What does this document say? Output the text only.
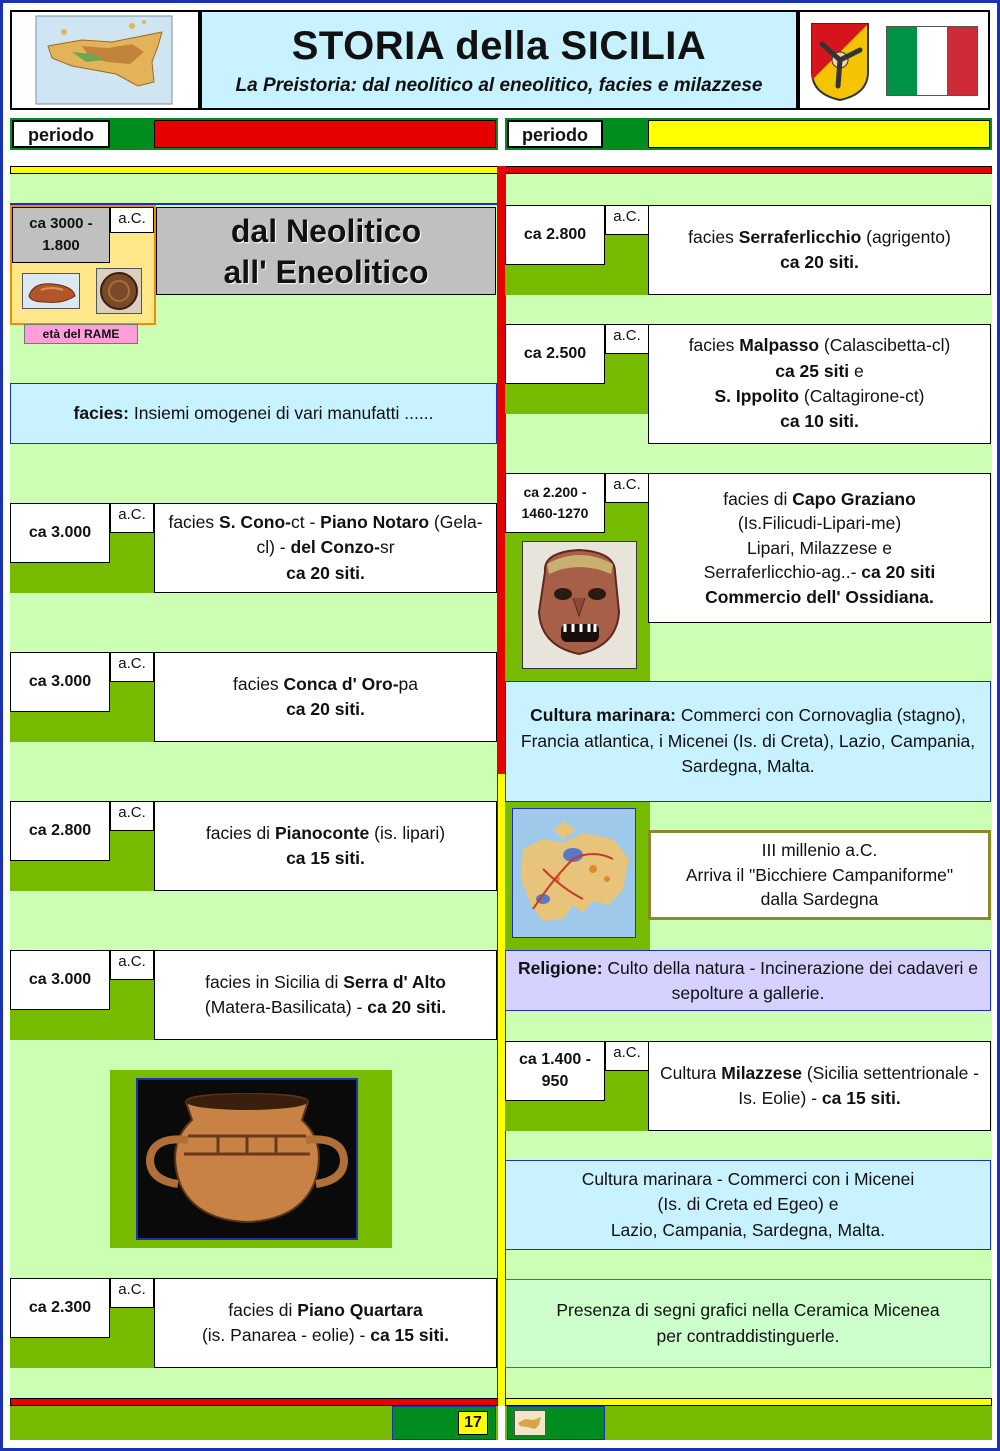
STORIA della SICILIA
La Preistoria: dal neolitico al eneolitico, facies e milazzese
periodo	periodo
ca 3000 - 1.800
a.C.	dal Neolitico
all' Eneolitico
età del RAME
facies: Insiemi omogenei di vari manufatti ......
ca 3.000
a.C.	facies S. Cono-ct - Piano Notaro (Gela-cl) - del Conzo-sr
ca 20 siti.
ca 3.000
a.C.
facies Conca d' Oro-pa
ca 20 siti.
ca 2.800
a.C.
facies di Pianoconte (is. lipari)
ca 15 siti.
ca 3.000
a.C.
facies in Sicilia di Serra d' Alto
(Matera-Basilicata) - ca 20 siti.
ca 2.300
a.C.
facies di Piano Quartara
(is. Panarea - eolie) - ca 15 siti.
ca 2.800
a.C.
facies Serraferlicchio (agrigento)
ca 20 siti.
ca 2.500
a.C.	facies Malpasso (Calascibetta-cl)
ca 25 siti e
S. Ippolito (Caltagirone-ct)
ca 10 siti.
ca 2.200 -
1460-1270
a.C.
facies di Capo Graziano
(Is.Filicudi-Lipari-me)
Lipari, Milazzese e
Serraferlicchio-ag..- ca 20 siti
Commercio dell' Ossidiana.
Cultura marinara: Commerci con Cornovaglia (stagno), Francia atlantica, i Micenei (Is. di Creta), Lazio, Campania, Sardegna, Malta.
III millenio a.C.
Arriva il "Bicchiere Campaniforme"
dalla Sardegna
Religione: Culto della natura - Incinerazione dei cadaveri e sepolture a gallerie.
ca 1.400 - 950
a.C.
Cultura Milazzese (Sicilia settentrionale - Is. Eolie) - ca 15 siti.
Cultura marinara - Commerci con i Micenei
(Is. di Creta ed Egeo) e
Lazio, Campania, Sardegna, Malta.
Presenza di segni grafici nella Ceramica Micenea
per contraddistinguerle.
17
